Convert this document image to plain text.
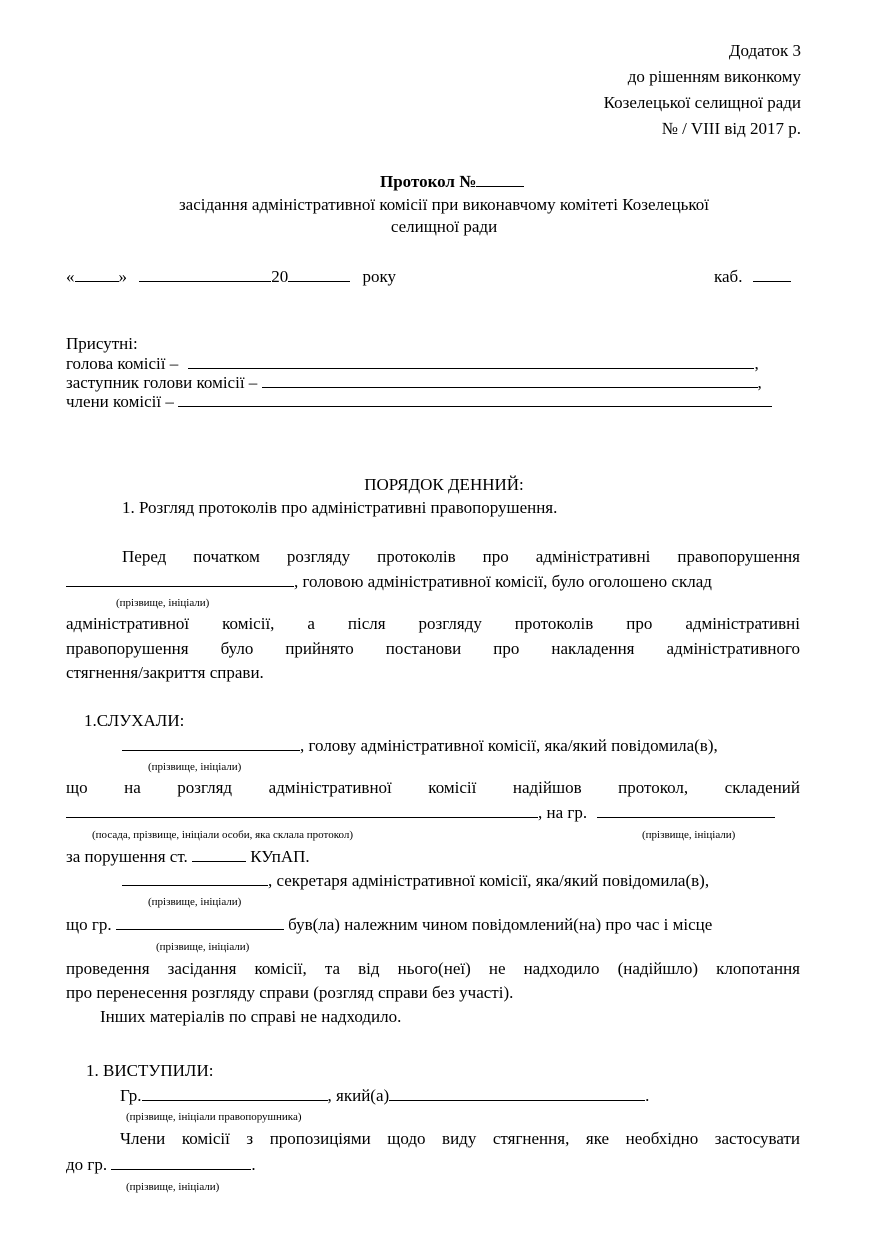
Додаток 3
до рішенням виконкому
Козелецької селищної ради
№ / VIII від 2017 р.
Протокол №
засідання адміністративної комісії при виконавчому комітеті Козелецької
селищної ради
«	»	20	року	каб.
Присутні:
голова комісії –	,
заступник голови комісії –	,
члени комісії –
ПОРЯДОК ДЕННИЙ:
1. Розгляд протоколів про адміністративні правопорушення.
Перед початком розгляду протоколів про адміністративні правопорушення
, головою адміністративної комісії, було оголошено склад
(прізвище, ініціали)
адміністративної комісії, а після розгляду протоколів про адміністративні
правопорушення було прийнято постанови про накладення адміністративного
стягнення/закриття справи.
1.СЛУХАЛИ:
, голову адміністративної комісії, яка/який повідомила(в),
(прізвище, ініціали)
що на розгляд адміністративної комісії надійшов протокол, складений
, на гр.
(посада, прізвище, ініціали особи, яка склала протокол)	(прізвище, ініціали)
за порушення ст.	КУпАП.
, секретаря адміністративної комісії, яка/який повідомила(в),
(прізвище, ініціали)
що гр.	був(ла) належним чином повідомлений(на) про час і місце
(прізвище, ініціали)
проведення засідання комісії, та від нього(неї) не надходило (надійшло) клопотання
про перенесення розгляду справи (розгляд справи без участі).
Інших матеріалів по справі не надходило.
1. ВИСТУПИЛИ:
Гр.	, який(а)	.
(прізвище, ініціали правопорушника)
Члени комісії з пропозиціями щодо виду стягнення, яке необхідно застосувати
до гр.	.
(прізвище, ініціали)
